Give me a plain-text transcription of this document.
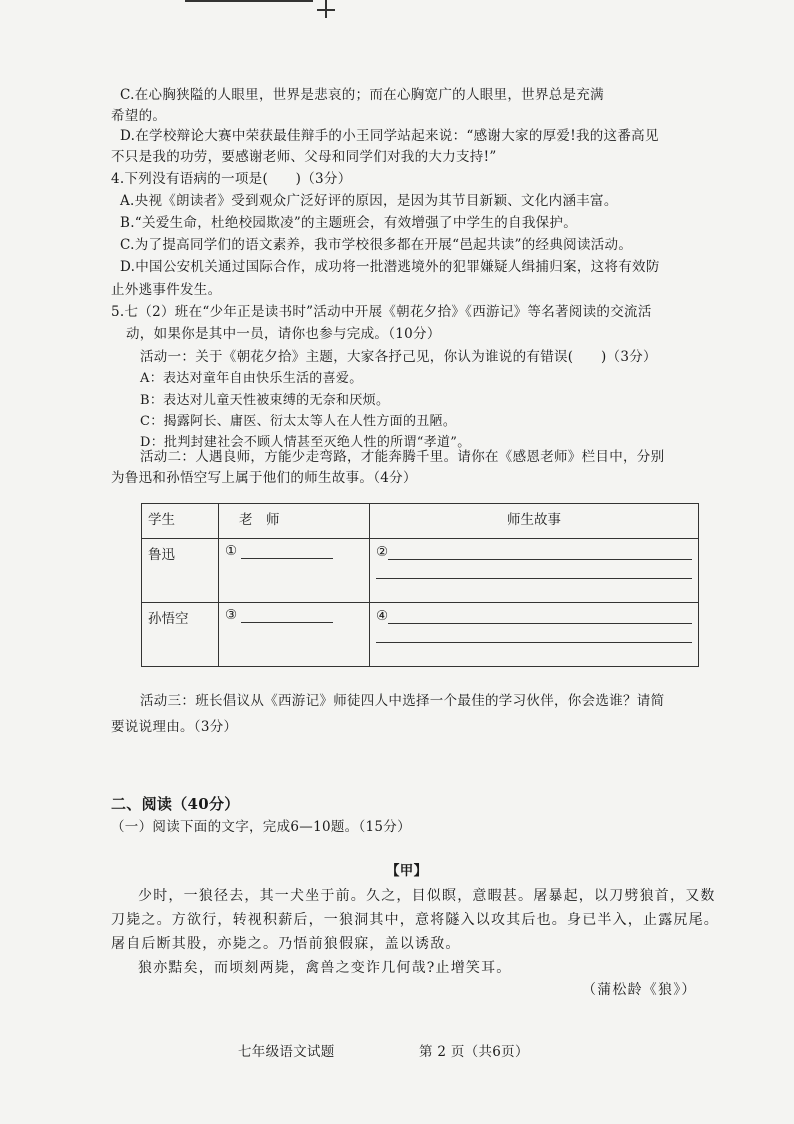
C.在心胸狭隘的人眼里，世界是悲哀的；而在心胸宽广的人眼里，世界总是充满
希望的。
D.在学校辩论大赛中荣获最佳辩手的小王同学站起来说：“感谢大家的厚爱!我的这番高见
不只是我的功劳，要感谢老师、父母和同学们对我的大力支持!”
4.下列没有语病的一项是(　　)（3分）
A.央视《朗读者》受到观众广泛好评的原因，是因为其节目新颖、文化内涵丰富。
B.“关爱生命，杜绝校园欺凌”的主题班会，有效增强了中学生的自我保护。
C.为了提高同学们的语文素养，我市学校很多都在开展“邑起共读”的经典阅读活动。
D.中国公安机关通过国际合作，成功将一批潜逃境外的犯罪嫌疑人缉捕归案，这将有效防
止外逃事件发生。
5.七（2）班在“少年正是读书时”活动中开展《朝花夕拾》《西游记》等名著阅读的交流活
动，如果你是其中一员，请你也参与完成。（10分）
活动一：关于《朝花夕拾》主题，大家各抒己见，你认为谁说的有错误(　　)（3分）
A：表达对童年自由快乐生活的喜爱。
B：表达对儿童天性被束缚的无奈和厌烦。
C：揭露阿长、庸医、衍太太等人在人性方面的丑陋。
D：批判封建社会不顾人情甚至灭绝人性的所谓“孝道”。
活动二：人遇良师，方能少走弯路，才能奔腾千里。请你在《感恩老师》栏目中，分别
为鲁迅和孙悟空写上属于他们的师生故事。（4分）
学生	老　师	师生故事
鲁迅	①	②

孙悟空	③	④
活动三：班长倡议从《西游记》师徒四人中选择一个最佳的学习伙伴，你会选谁？请简
要说说理由。（3分）
二、阅读（40分）
（一）阅读下面的文字，完成6—10题。（15分）
【甲】
少时，一狼径去，其一犬坐于前。久之，目似瞑，意暇甚。屠暴起，以刀劈狼首，又数
刀毙之。方欲行，转视积薪后，一狼洞其中，意将隧入以攻其后也。身已半入，止露尻尾。
屠自后断其股，亦毙之。乃悟前狼假寐，盖以诱敌。
狼亦黠矣，而顷刻两毙，禽兽之变诈几何哉?止增笑耳。
（蒲松龄《狼》）
七年级语文试题	第 2 页（共6页）
